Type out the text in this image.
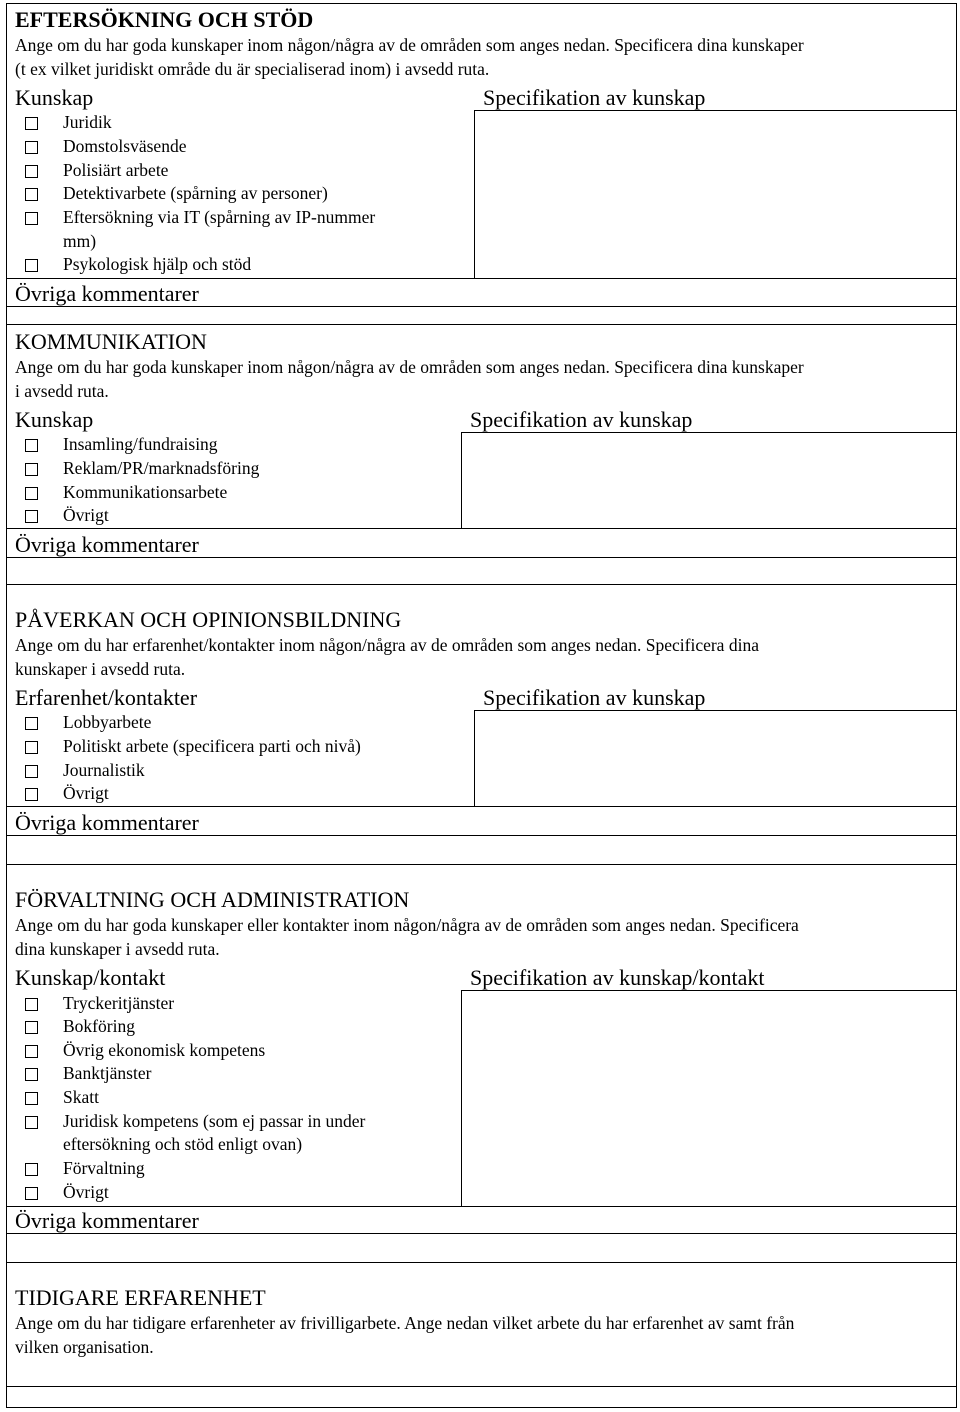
EFTERSÖKNING OCH STÖD
Ange om du har goda kunskaper inom någon/några av de områden som anges nedan. Specificera dina kunskaper
(t ex vilket juridiskt område du är specialiserad inom) i avsedd ruta.
Kunskap	Specifikation av kunskap
Juridik
Domstolsväsende
Polisiärt arbete
Detektivarbete (spårning av personer)
Eftersökning via IT (spårning av IP-nummer
mm)
Psykologisk hjälp och stöd
Övriga kommentarer
KOMMUNIKATION
Ange om du har goda kunskaper inom någon/några av de områden som anges nedan. Specificera dina kunskaper
i avsedd ruta.
Kunskap	Specifikation av kunskap
Insamling/fundraising
Reklam/PR/marknadsföring
Kommunikationsarbete
Övrigt
Övriga kommentarer
PÅVERKAN OCH OPINIONSBILDNING
Ange om du har erfarenhet/kontakter inom någon/några av de områden som anges nedan. Specificera dina
kunskaper i avsedd ruta.
Erfarenhet/kontakter	Specifikation av kunskap
Lobbyarbete
Politiskt arbete (specificera parti och nivå)
Journalistik
Övrigt
Övriga kommentarer
FÖRVALTNING OCH ADMINISTRATION
Ange om du har goda kunskaper eller kontakter inom någon/några av de områden som anges nedan. Specificera
dina kunskaper i avsedd ruta.
Kunskap/kontakt	Specifikation av kunskap/kontakt
Tryckeritjänster
Bokföring
Övrig ekonomisk kompetens
Banktjänster
Skatt
Juridisk kompetens (som ej passar in under
eftersökning och stöd enligt ovan)
Förvaltning
Övrigt
Övriga kommentarer
TIDIGARE ERFARENHET
Ange om du har tidigare erfarenheter av frivilligarbete. Ange nedan vilket arbete du har erfarenhet av samt från
vilken organisation.
